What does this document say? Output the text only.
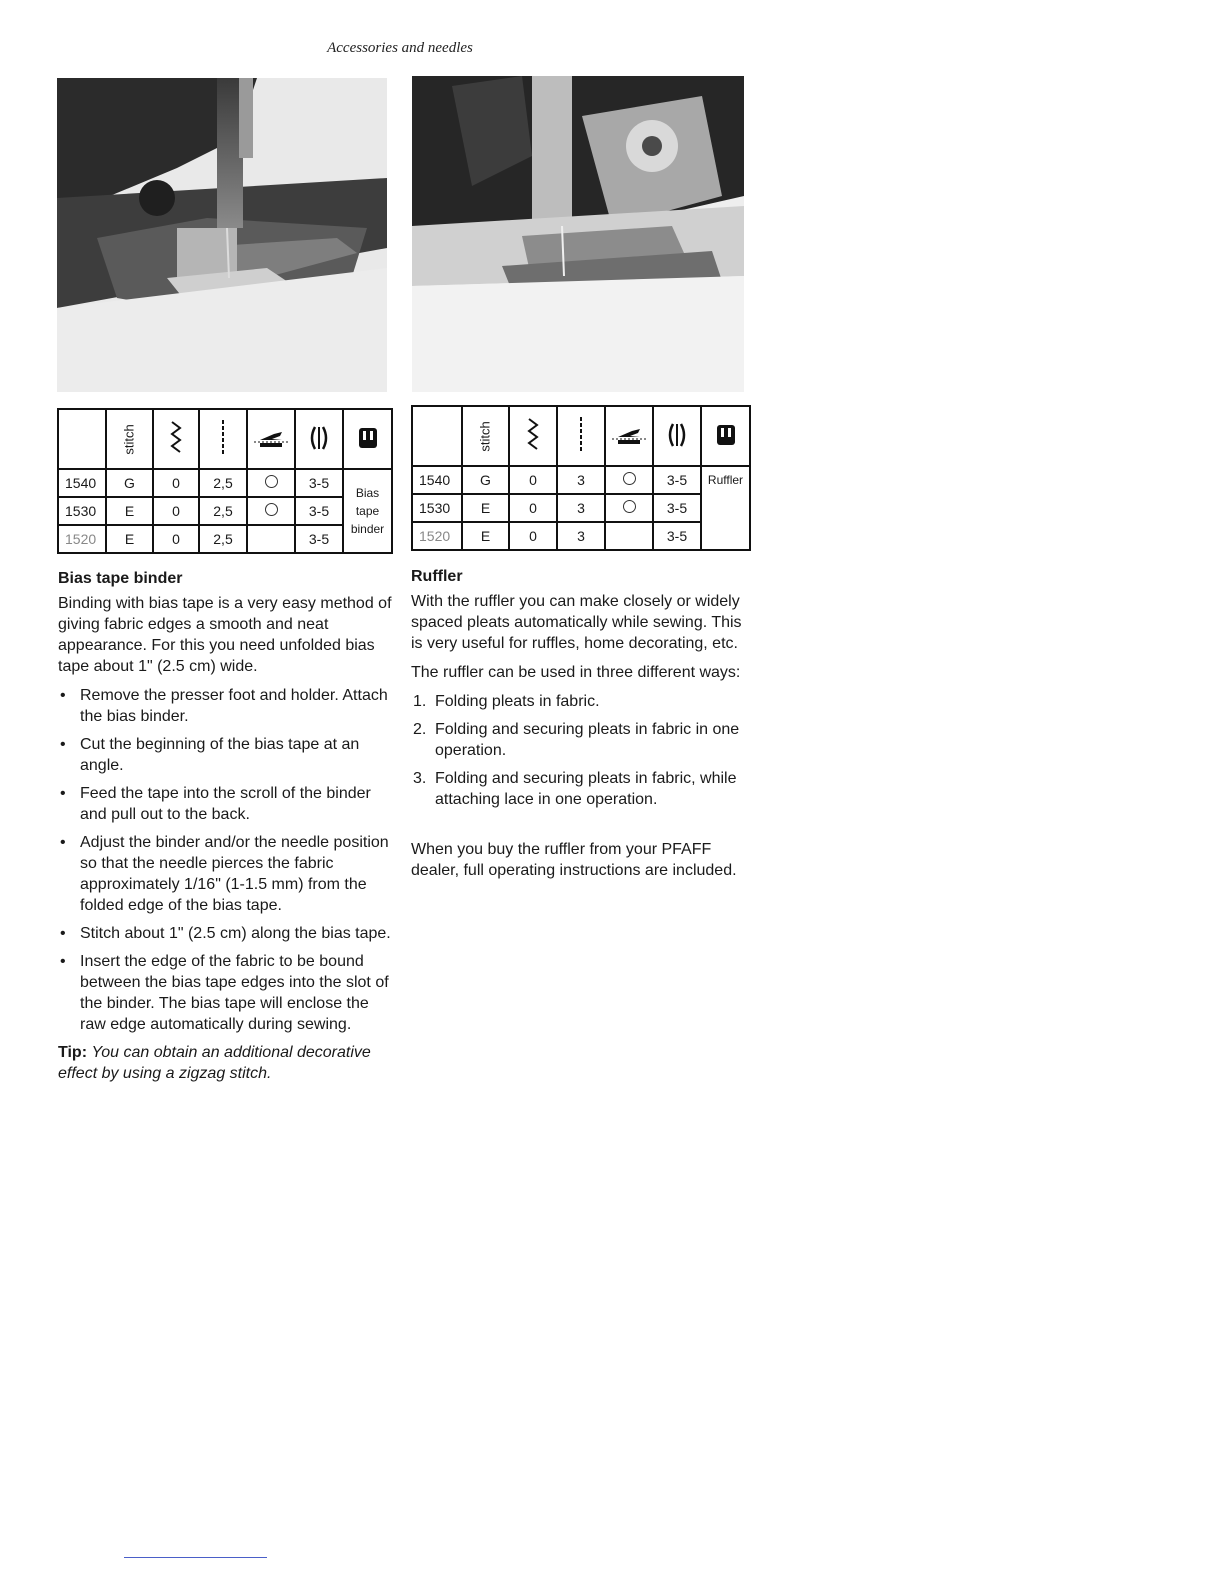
Accessories and needles
	stitch					
1540	G	0	2,5		3-5	Bias
tape
binder
1530	E	0	2,5		3-5	
1520	E	0	2,5		3-5	
	stitch					
1540	G	0	3		3-5	Ruffler
1530	E	0	3		3-5	
1520	E	0	3		3-5	
Bias tape binder

Binding with bias tape is a very easy method of giving fabric edges a smooth and neat appearance. For this you need unfolded bias tape about 1" (2.5 cm) wide.

• Remove the presser foot and holder. Attach the bias binder.
• Cut the beginning of the bias tape at an angle.
• Feed the tape into the scroll of the binder and pull out to the back.
• Adjust the binder and/or the needle position so that the needle pierces the fabric approximately 1/16" (1-1.5 mm) from the folded edge of the bias tape.
• Stitch about 1" (2.5 cm) along the bias tape.
• Insert the edge of the fabric to be bound between the bias tape edges into the slot of the binder. The bias tape will enclose the raw edge automatically during sewing.

Tip: You can obtain an additional decorative effect by using a zigzag stitch.

Ruffler

With the ruffler you can make closely or widely spaced pleats automatically while sewing. This is very useful for ruffles, home decorating, etc.

The ruffler can be used in three different ways:

1. Folding pleats in fabric.
2. Folding and securing pleats in fabric in one operation.
3. Folding and securing pleats in fabric, while attaching lace in one operation.

When you buy the ruffler from your PFAFF dealer, full operating instructions are included.
